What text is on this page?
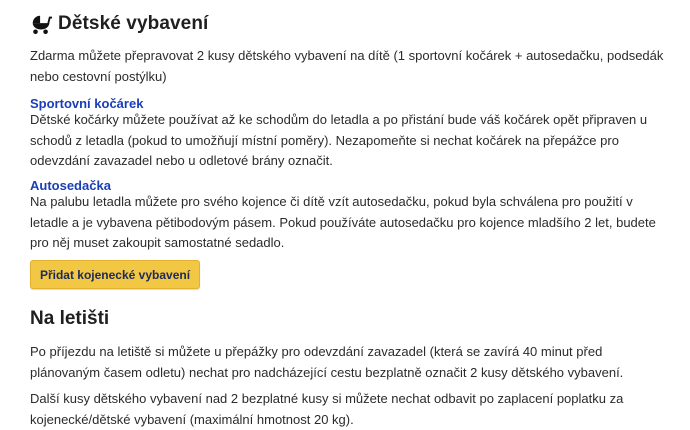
Dětské vybavení

Zdarma můžete přepravovat 2 kusy dětského vybavení na dítě (1 sportovní kočárek + autosedačku, podsedák nebo cestovní postýlku)

Sportovní kočárek

Dětské kočárky můžete používat až ke schodům do letadla a po přistání bude váš kočárek opět připraven u schodů z letadla (pokud to umožňují místní poměry). Nezapomeňte si nechat kočárek na přepážce pro odevzdání zavazadel nebo u odletové brány označit.

Autosedačka

Na palubu letadla můžete pro svého kojence či dítě vzít autosedačku, pokud byla schválena pro použití v letadle a je vybavena pětibodovým pásem. Pokud používáte autosedačku pro kojence mladšího 2 let, budete pro něj muset zakoupit samostatné sedadlo.

Přidat kojenecké vybavení
Na letišti

Po příjezdu na letiště si můžete u přepážky pro odevzdání zavazadel (která se zavírá 40 minut před plánovaným časem odletu) nechat pro nadcházející cestu bezplatně označit 2 kusy dětského vybavení.

Další kusy dětského vybavení nad 2 bezplatné kusy si můžete nechat odbavit po zaplacení poplatku za kojenecké/dětské vybavení (maximální hmotnost 20 kg).
